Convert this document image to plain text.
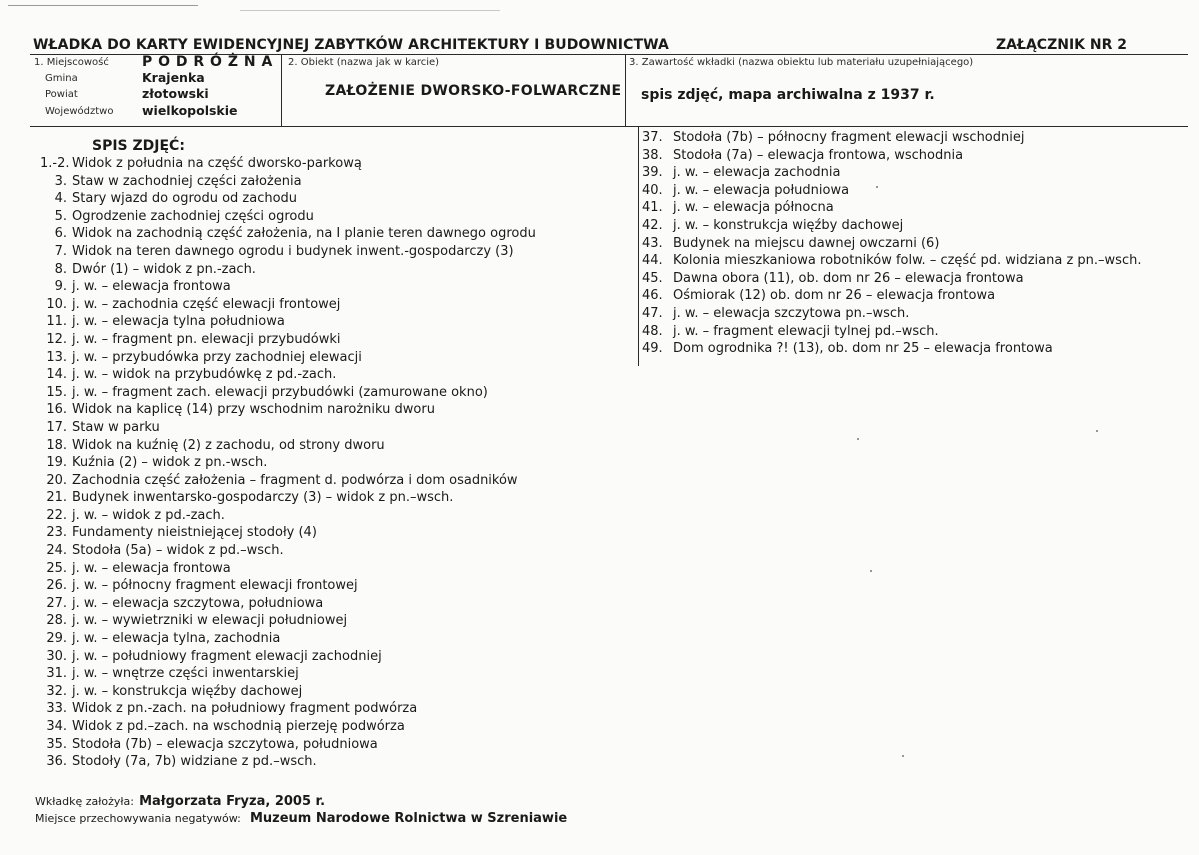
WŁADKA DO KARTY EWIDENCYJNEJ ZABYTKÓW ARCHITEKTURY I BUDOWNICTWA	ZAŁĄCZNIK NR 2
1. Miejscowość P O D R Ó Ż N A
Gmina	Krajenka
Powiat	złotowski
Województwo wielkopolskie
2. Obiekt (nazwa jak w karcie)
ZAŁOŻENIE DWORSKO-FOLWARCZNE
3. Zawartość wkładki (nazwa obiektu lub materiału uzupełniającego)
spis zdjęć, mapa archiwalna z 1937 r.
SPIS ZDJĘĆ:
1.-2. Widok z południa na część dworsko-parkową
3. Staw w zachodniej części założenia
4. Stary wjazd do ogrodu od zachodu
5. Ogrodzenie zachodniej części ogrodu
6. Widok na zachodnią część założenia, na I planie teren dawnego ogrodu
7. Widok na teren dawnego ogrodu i budynek inwent.-gospodarczy (3)
8. Dwór (1) – widok z pn.-zach.
9. j. w. – elewacja frontowa
10. j. w. – zachodnia część elewacji frontowej
11. j. w. – elewacja tylna południowa
12. j. w. – fragment pn. elewacji przybudówki
13. j. w. – przybudówka przy zachodniej elewacji
14. j. w. – widok na przybudówkę z pd.-zach.
15. j. w. – fragment zach. elewacji przybudówki (zamurowane okno)
16. Widok na kaplicę (14) przy wschodnim narożniku dworu
17. Staw w parku
18. Widok na kuźnię (2) z zachodu, od strony dworu
19. Kuźnia (2) – widok z pn.-wsch.
20. Zachodnia część założenia – fragment d. podwórza i dom osadników
21. Budynek inwentarsko-gospodarczy (3) – widok z pn.–wsch.
22. j. w. – widok z pd.-zach.
23. Fundamenty nieistniejącej stodoły (4)
24. Stodoła (5a) – widok z pd.–wsch.
25. j. w. – elewacja frontowa
26. j. w. – północny fragment elewacji frontowej
27. j. w. – elewacja szczytowa, południowa
28. j. w. – wywietrzniki w elewacji południowej
29. j. w. – elewacja tylna, zachodnia
30. j. w. – południowy fragment elewacji zachodniej
31. j. w. – wnętrze części inwentarskiej
32. j. w. – konstrukcja więźby dachowej
33. Widok z pn.-zach. na południowy fragment podwórza
34. Widok z pd.–zach. na wschodnią pierzeję podwórza
35. Stodoła (7b) – elewacja szczytowa, południowa
36. Stodoły (7a, 7b) widziane z pd.–wsch.
37. Stodoła (7b) – północny fragment elewacji wschodniej
38. Stodoła (7a) – elewacja frontowa, wschodnia
39. j. w. – elewacja zachodnia
40. j. w. – elewacja południowa
41. j. w. – elewacja północna
42. j. w. – konstrukcja więźby dachowej
43. Budynek na miejscu dawnej owczarni (6)
44. Kolonia mieszkaniowa robotników folw. – część pd. widziana z pn.–wsch.
45. Dawna obora (11), ob. dom nr 26 – elewacja frontowa
46. Ośmiorak (12) ob. dom nr 26 – elewacja frontowa
47. j. w. – elewacja szczytowa pn.–wsch.
48. j. w. – fragment elewacji tylnej pd.–wsch.
49. Dom ogrodnika ?! (13), ob. dom nr 25 – elewacja frontowa
Wkładkę założyła: Małgorzata Fryza, 2005 r.
Miejsce przechowywania negatywów: Muzeum Narodowe Rolnictwa w Szreniawie
